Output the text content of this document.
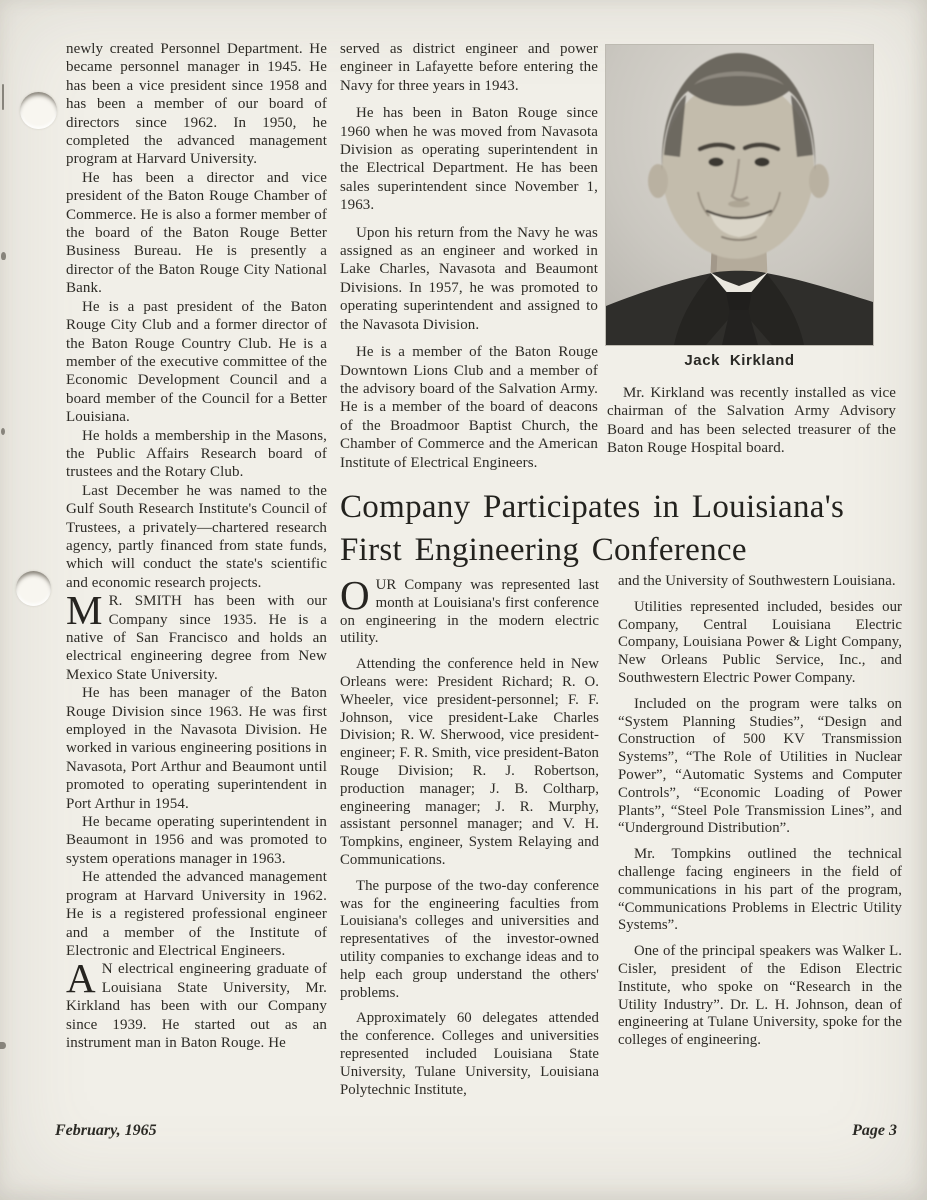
newly created Personnel Department. He became personnel manager in 1945. He has been a vice president since 1958 and has been a member of our board of directors since 1962. In 1950, he completed the advanced management program at Harvard University.

He has been a director and vice president of the Baton Rouge Chamber of Commerce. He is also a former member of the board of the Baton Rouge Better Business Bureau. He is presently a director of the Baton Rouge City National Bank.

He is a past president of the Baton Rouge City Club and a former director of the Baton Rouge Country Club. He is a member of the executive committee of the Economic Development Council and a board member of the Council for a Better Louisiana.

He holds a membership in the Masons, the Public Affairs Research board of trustees and the Rotary Club.

Last December he was named to the Gulf South Research Institute's Council of Trustees, a privately—chartered research agency, partly financed from state funds, which will conduct the state's scientific and economic research projects.

M R. SMITH has been with our Company since 1935. He is a native of San Francisco and holds an electrical engineering degree from New Mexico State University.

He has been manager of the Baton Rouge Division since 1963. He was first employed in the Navasota Division. He worked in various engineering positions in Navasota, Port Arthur and Beaumont until promoted to operating superintendent in Port Arthur in 1954.

He became operating superintendent in Beaumont in 1956 and was promoted to system operations manager in 1963.

He attended the advanced management program at Harvard University in 1962. He is a registered professional engineer and a member of the Institute of Electronic and Electrical Engineers.

A N electrical engineering graduate of Louisiana State University, Mr. Kirkland has been with our Company since 1939. He started out as an instrument man in Baton Rouge. He

served as district engineer and power engineer in Lafayette before entering the Navy for three years in 1943.

He has been in Baton Rouge since 1960 when he was moved from Navasota Division as operating superintendent in the Electrical Department. He has been sales superintendent since November 1, 1963.

Upon his return from the Navy he was assigned as an engineer and worked in Lake Charles, Navasota and Beaumont Divisions. In 1957, he was promoted to operating superintendent and assigned to the Navasota Division.

He is a member of the Baton Rouge Downtown Lions Club and a member of the advisory board of the Salvation Army. He is a member of the board of deacons of the Broadmoor Baptist Church, the Chamber of Commerce and the American Institute of Electrical Engineers.

Jack Kirkland

Mr. Kirkland was recently installed as vice chairman of the Salvation Army Advisory Board and has been selected treasurer of the Baton Rouge Hospital board.

Company Participates in Louisiana's
First Engineering Conference

OUR Company was represented last month at Louisiana's first conference on engineering in the modern electric utility.

Attending the conference held in New Orleans were: President Richard; R. O. Wheeler, vice president-personnel; F. F. Johnson, vice president-Lake Charles Division; R. W. Sherwood, vice president-engineer; F. R. Smith, vice president-Baton Rouge Division; R. J. Robertson, production manager; J. B. Coltharp, engineering manager; J. R. Murphy, assistant personnel manager; and V. H. Tompkins, engineer, System Relaying and Communications.

The purpose of the two-day conference was for the engineering faculties from Louisiana's colleges and universities and representatives of the investor-owned utility companies to exchange ideas and to help each group understand the others' problems.

Approximately 60 delegates attended the conference. Colleges and universities represented included Louisiana State University, Tulane University, Louisiana Polytechnic Institute,

and the University of Southwestern Louisiana.

Utilities represented included, besides our Company, Central Louisiana Electric Company, Louisiana Power & Light Company, New Orleans Public Service, Inc., and Southwestern Electric Power Company.

Included on the program were talks on “System Planning Studies”, “Design and Construction of 500 KV Transmission Systems”, “The Role of Utilities in Nuclear Power”, “Automatic Systems and Computer Controls”, “Economic Loading of Power Plants”, “Steel Pole Transmission Lines”, and “Underground Distribution”.

Mr. Tompkins outlined the technical challenge facing engineers in the field of communications in his part of the program, “Communications Problems in Electric Utility Systems”.

One of the principal speakers was Walker L. Cisler, president of the Edison Electric Institute, who spoke on “Research in the Utility Industry”. Dr. L. H. Johnson, dean of engineering at Tulane University, spoke for the colleges of engineering.

February, 1965	Page 3
